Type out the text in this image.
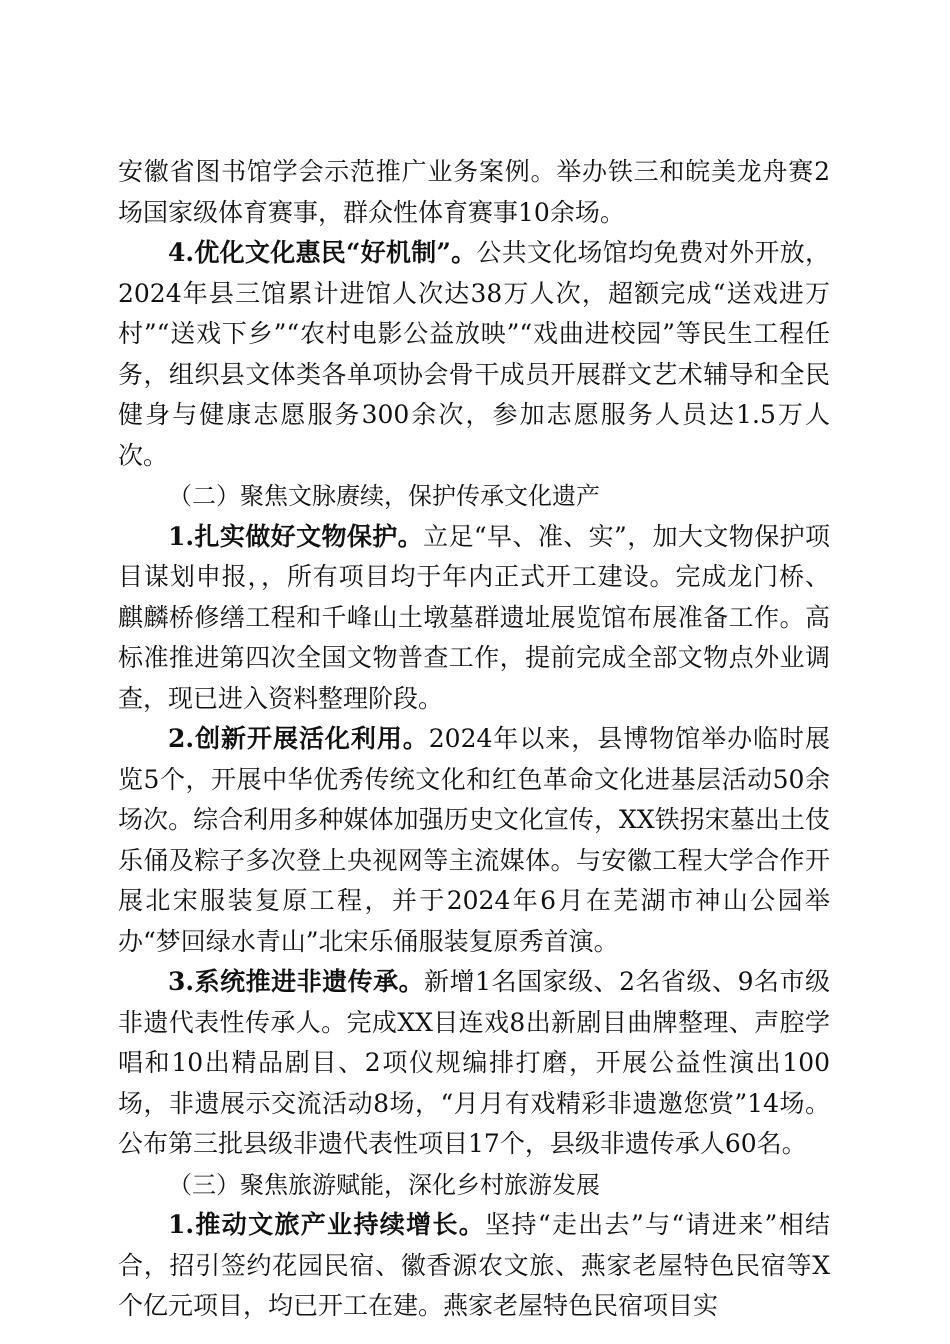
安徽省图书馆学会示范推广业务案例。举办铁三和皖美龙舟赛2场国家级体育赛事，群众性体育赛事10余场。

4.优化文化惠民“好机制”。公共文化场馆均免费对外开放，2024年县三馆累计进馆人次达38万人次，超额完成“送戏进万村”“送戏下乡”“农村电影公益放映”“戏曲进校园”等民生工程任务，组织县文体类各单项协会骨干成员开展群文艺术辅导和全民健身与健康志愿服务300余次，参加志愿服务人员达1.5万人次。

（二）聚焦文脉赓续，保护传承文化遗产

1.扎实做好文物保护。立足“早、准、实”，加大文物保护项目谋划申报，，所有项目均于年内正式开工建设。完成龙门桥、麒麟桥修缮工程和千峰山土墩墓群遗址展览馆布展准备工作。高标准推进第四次全国文物普查工作，提前完成全部文物点外业调查，现已进入资料整理阶段。

2.创新开展活化利用。2024年以来，县博物馆举办临时展览5个，开展中华优秀传统文化和红色革命文化进基层活动50余场次。综合利用多种媒体加强历史文化宣传，XX铁拐宋墓出土伎乐俑及粽子多次登上央视网等主流媒体。与安徽工程大学合作开展北宋服装复原工程，并于2024年6月在芜湖市神山公园举办“梦回绿水青山”北宋乐俑服装复原秀首演。

3.系统推进非遗传承。新增1名国家级、2名省级、9名市级非遗代表性传承人。完成XX目连戏8出新剧目曲牌整理、声腔学唱和10出精品剧目、2项仪规编排打磨，开展公益性演出100场，非遗展示交流活动8场，“月月有戏精彩非遗邀您赏”14场。公布第三批县级非遗代表性项目17个，县级非遗传承人60名。

（三）聚焦旅游赋能，深化乡村旅游发展

1.推动文旅产业持续增长。坚持“走出去”与“请进来”相结合，招引签约花园民宿、徽香源农文旅、燕家老屋特色民宿等X个亿元项目，均已开工在建。燕家老屋特色民宿项目实
